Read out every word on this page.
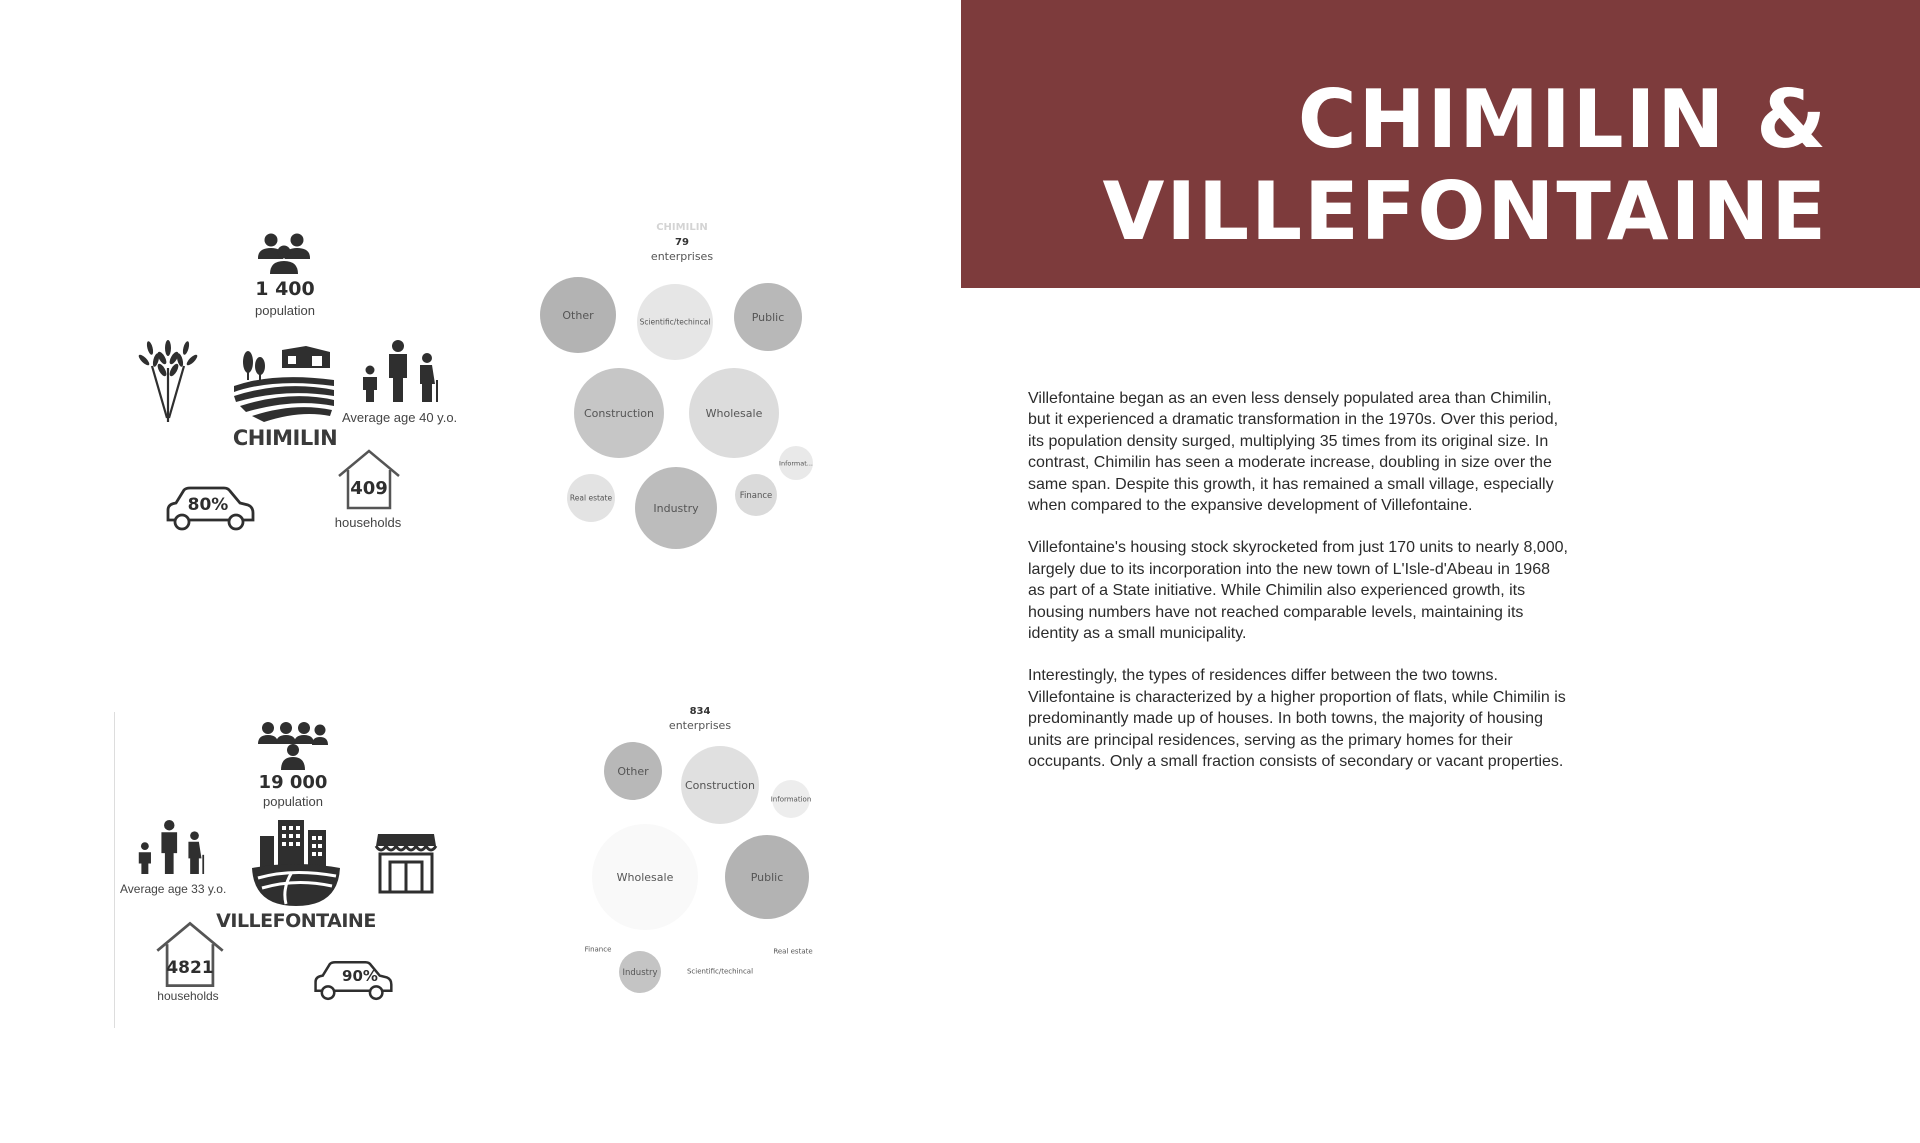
CHIMILIN &
VILLEFONTAINE

Villefontaine began as an even less densely populated area than Chimilin, but it experienced a dramatic transformation in the 1970s. Over this period, its population density surged, multiplying 35 times from its original size. In contrast, Chimilin has seen a moderate increase, doubling in size over the same span. Despite this growth, it has remained a small village, especially when compared to the expansive development of Villefontaine.

Villefontaine's housing stock skyrocketed from just 170 units to nearly 8,000, largely due to its incorporation into the new town of L'Isle-d'Abeau in 1968 as part of a State initiative. While Chimilin also experienced growth, its housing numbers have not reached comparable levels, maintaining its identity as a small municipality.

Interestingly, the types of residences differ between the two towns. Villefontaine is characterized by a higher proportion of flats, while Chimilin is predominantly made up of houses. In both towns, the majority of housing units are principal residences, serving as the primary homes for their occupants. Only a small fraction consists of secondary or vacant properties.

1 400
population
CHIMILIN
Average age 40 y.o.
80%
409
households
CHIMILIN
79
enterprises
Other
Scientific/techincal	Public
Construction	Wholesale
Informat...
Real estate
Industry
Finance
19 000
population
Average age 33 y.o.
VILLEFONTAINE
4821
households
90%
834
enterprises
Other
Construction
Information
Wholesale	Public
Finance
Industry	Scientific/techincal
Real estate
